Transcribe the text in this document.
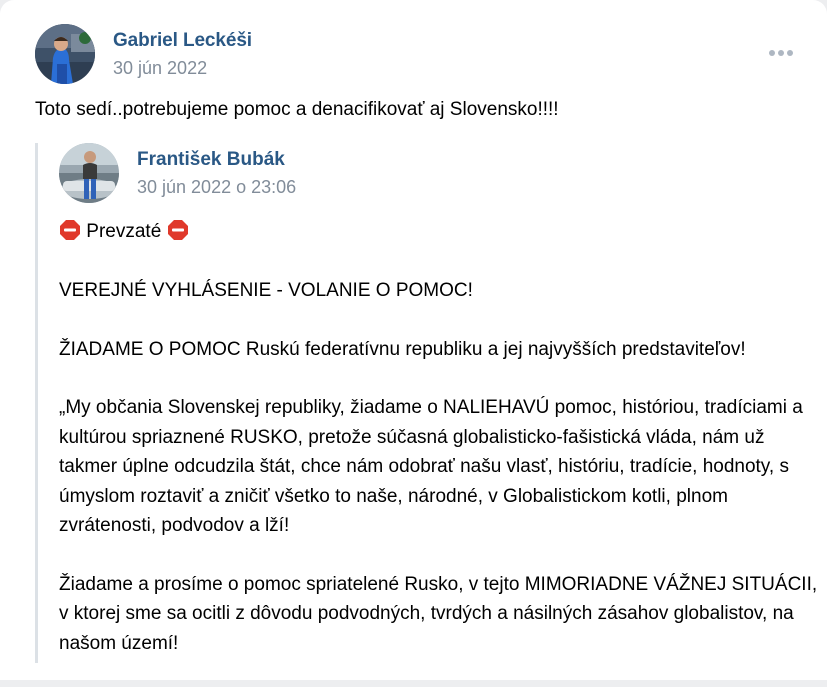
Gabriel Leckéši
30 jún 2022
Toto sedí..potrebujeme pomoc a denacifikovať aj Slovensko!!!!
František Bubák
30 jún 2022 o 23:06

Prevzaté

VEREJNÉ VYHLÁSENIE - VOLANIE O POMOC!

ŽIADAME O POMOC Ruskú federatívnu republiku a jej najvyšších predstaviteľov!

„My občania Slovenskej republiky, žiadame o NALIEHAVÚ pomoc, históriou, tradíciami a kultúrou spriaznené RUSKO, pretože súčasná globalisticko-fašistická vláda, nám už takmer úplne odcudzila štát, chce nám odobrať našu vlasť, históriu, tradície, hodnoty, s úmyslom roztaviť a zničiť všetko to naše, národné, v Globalistickom kotli, plnom zvrátenosti, podvodov a lží!

Žiadame a prosíme o pomoc spriatelené Rusko, v tejto MIMORIADNE VÁŽNEJ SITUÁCII, v ktorej sme sa ocitli z dôvodu podvodných, tvrdých a násilných zásahov globalistov, na našom území!
